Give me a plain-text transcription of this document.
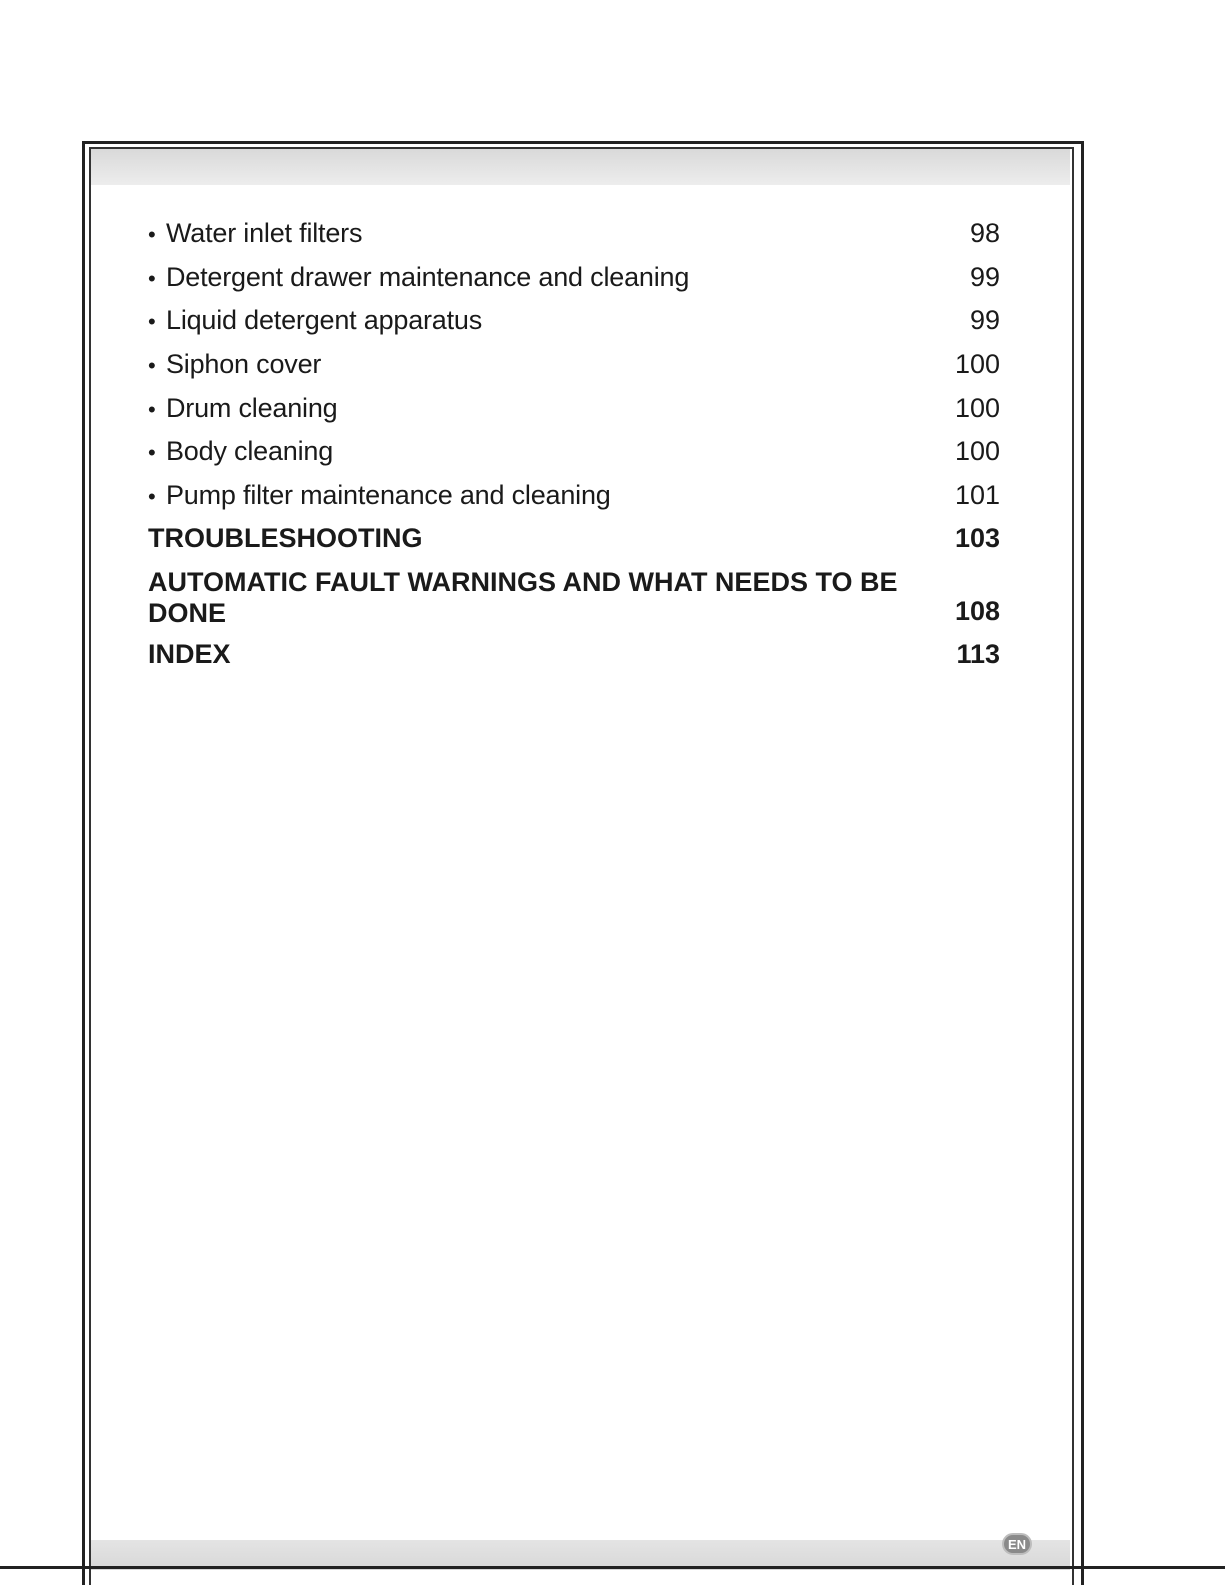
• Water inlet filters	98
• Detergent drawer maintenance and cleaning	99
• Liquid detergent apparatus	99
• Siphon cover	100
• Drum cleaning	100
• Body cleaning	100
• Pump filter maintenance and cleaning	101
TROUBLESHOOTING	103
AUTOMATIC FAULT WARNINGS AND WHAT NEEDS TO BE DONE	108
INDEX	113
EN
